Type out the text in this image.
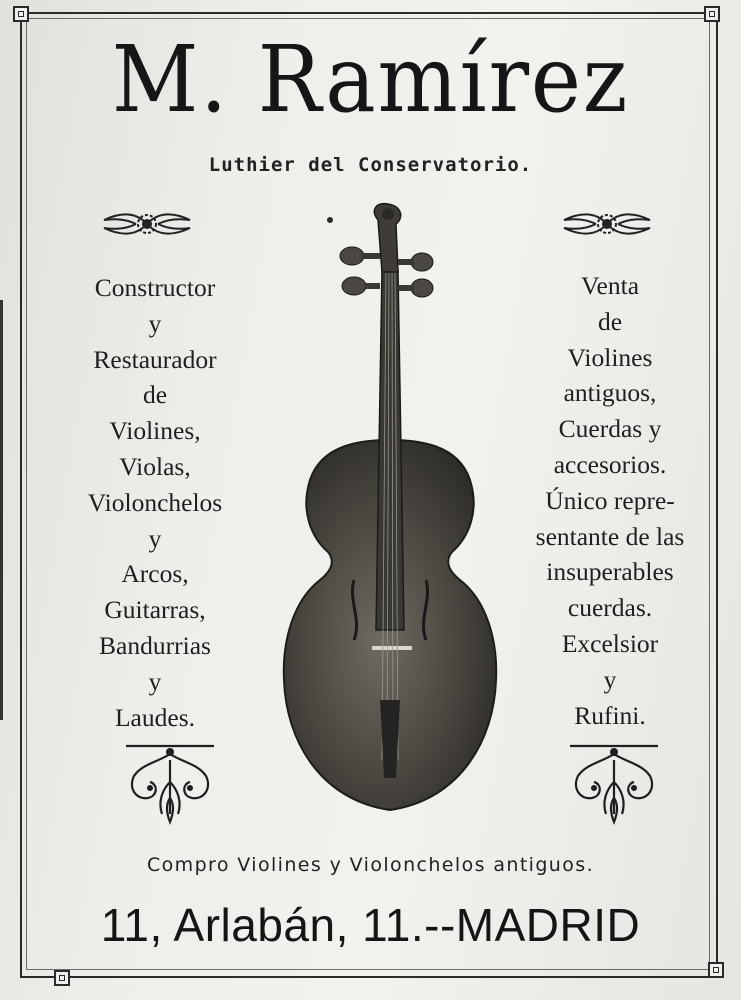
M. Ramírez
Luthier del Conservatorio.
Constructor
y
Restaurador
de
Violines,
Violas,
Violonchelos
y
Arcos,
Guitarras,
Bandurrias
y
Laudes.
Venta
de
Violines
antiguos,
Cuerdas y
accesorios.
Único repre-
sentante de las
insuperables
cuerdas.
Excelsior
y
Rufini.
Compro Violines y Violonchelos antiguos.
11, Arlabán, 11.--MADRID
